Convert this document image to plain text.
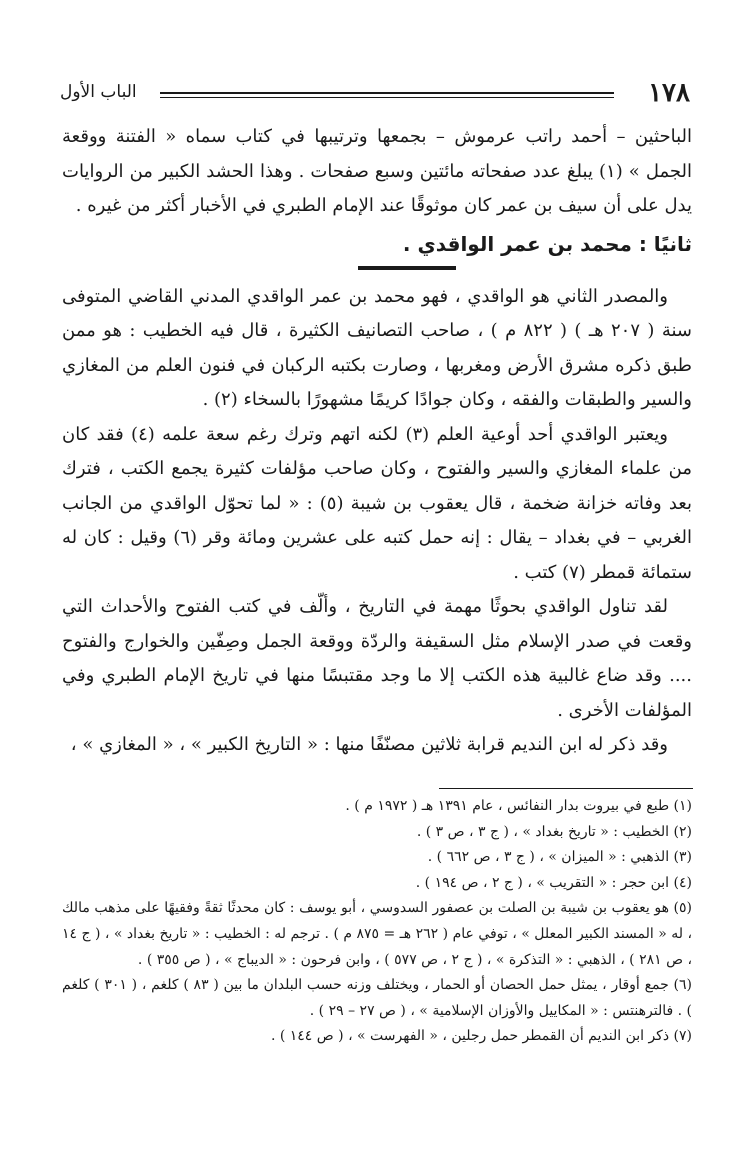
١٧٨
الباب الأول

الباحثين – أحمد راتب عرموش – بجمعها وترتيبها في كتاب سماه « الفتنة ووقعة الجمل » (١) يبلغ عدد صفحاته مائتين وسبع صفحات . وهذا الحشد الكبير من الروايات يدل على أن سيف بن عمر كان موثوقًا عند الإمام الطبري في الأخبار أكثر من غيره .

ثانيًا : محمد بن عمر الواقدي .

والمصدر الثاني هو الواقدي ، فهو محمد بن عمر الواقدي المدني القاضي المتوفى سنة ( ٢٠٧ هـ ) ( ٨٢٢ م ) ، صاحب التصانيف الكثيرة ، قال فيه الخطيب : هو ممن طبق ذكره مشرق الأرض ومغربها ، وصارت بكتبه الركبان في فنون العلم من المغازي والسير والطبقات والفقه ، وكان جوادًا كريمًا مشهورًا بالسخاء (٢) .

ويعتبر الواقدي أحد أوعية العلم (٣) لكنه اتهم وترك رغم سعة علمه (٤) فقد كان من علماء المغازي والسير والفتوح ، وكان صاحب مؤلفات كثيرة يجمع الكتب ، فترك بعد وفاته خزانة ضخمة ، قال يعقوب بن شيبة (٥) : « لما تحوّل الواقدي من الجانب الغربي – في بغداد – يقال : إنه حمل كتبه على عشرين ومائة وقر (٦) وقيل : كان له ستمائة قمطر (٧) كتب .

لقد تناول الواقدي بحوثًا مهمة في التاريخ ، وألّف في كتب الفتوح والأحداث التي وقعت في صدر الإسلام مثل السقيفة والردّة ووقعة الجمل وصِفّين والخوارج والفتوح .... وقد ضاع غالبية هذه الكتب إلا ما وجد مقتبسًا منها في تاريخ الإمام الطبري وفي المؤلفات الأخرى .

وقد ذكر له ابن النديم قرابة ثلاثين مصنّفًا منها : « التاريخ الكبير » ، « المغازي » ،

(١) طبع في بيروت بدار النفائس ، عام ١٣٩١ هـ ( ١٩٧٢ م ) .

(٢) الخطيب : « تاريخ بغداد » ، ( ج ٣ ، ص ٣ ) .

(٣) الذهبي : « الميزان » ، ( ج ٣ ، ص ٦٦٢ ) .

(٤) ابن حجر : « التقريب » ، ( ج ٢ ، ص ١٩٤ ) .

(٥) هو يعقوب بن شيبة بن الصلت بن عصفور السدوسي ، أبو يوسف : كان محدثًا ثقةً وفقيهًا على مذهب مالك ، له « المسند الكبير المعلل » ، توفي عام ( ٢٦٢ هـ = ٨٧٥ م ) . ترجم له : الخطيب : « تاريخ بغداد » ، ( ج ١٤ ، ص ٢٨١ ) ، الذهبي : « التذكرة » ، ( ج ٢ ، ص ٥٧٧ ) ، وابن فرحون : « الديباج » ، ( ص ٣٥٥ ) .

(٦) جمع أوقار ، يمثل حمل الحصان أو الحمار ، ويختلف وزنه حسب البلدان ما بين ( ٨٣ ) كلغم ، ( ٣٠١ ) كلغم ) . فالترهنتس : « المكاييل والأوزان الإسلامية » ، ( ص ٢٧ – ٢٩ ) .

(٧) ذكر ابن النديم أن القمطر حمل رجلين ، « الفهرست » ، ( ص ١٤٤ ) .
